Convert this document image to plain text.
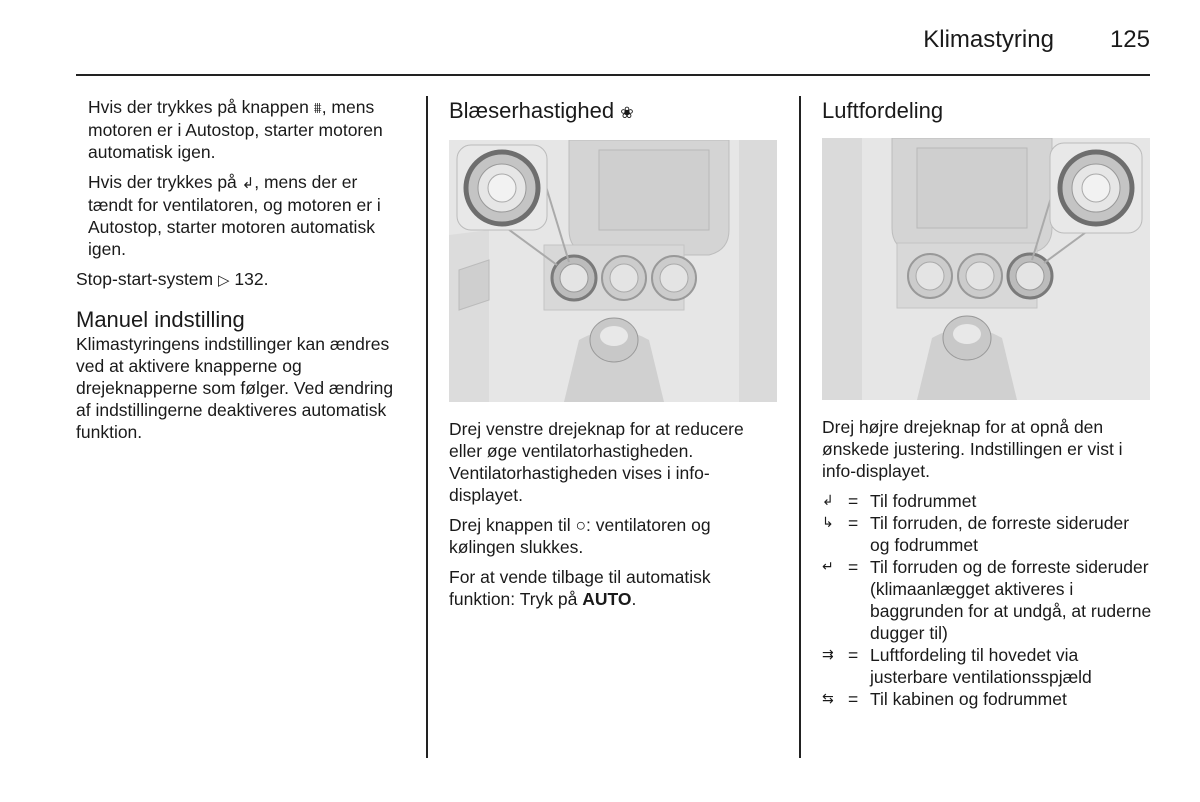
Klimastyring 125

Hvis der trykkes på knappen ⩩, mens motoren er i Autostop, starter motoren automatisk igen.

Hvis der trykkes på ↲, mens der er tændt for ventilatoren, og motoren er i Autostop, starter motoren automatisk igen.

Stop-start-system ▷ 132.

Manuel indstilling

Klimastyringens indstillinger kan ændres ved at aktivere knapperne og drejeknapperne som følger. Ved ændring af indstillingerne deaktiveres automatisk funktion.

Blæserhastighed ❀

Drej venstre drejeknap for at reducere eller øge ventilatorhastigheden. Ventilatorhastigheden vises i info-displayet.

Drej knappen til ○: ventilatoren og kølingen slukkes.

For at vende tilbage til automatisk funktion: Tryk på AUTO.

Luftfordeling

Drej højre drejeknap for at opnå den ønskede justering. Indstillingen er vist i info-displayet.

↲ = Til fodrummet
↳ = Til forruden, de forreste sideruder og fodrummet
↵ = Til forruden og de forreste sideruder (klimaanlægget aktiveres i baggrunden for at undgå, at ruderne dugger til)
⇉ = Luftfordeling til hovedet via justerbare ventilationsspjæld
⇆ = Til kabinen og fodrummet
